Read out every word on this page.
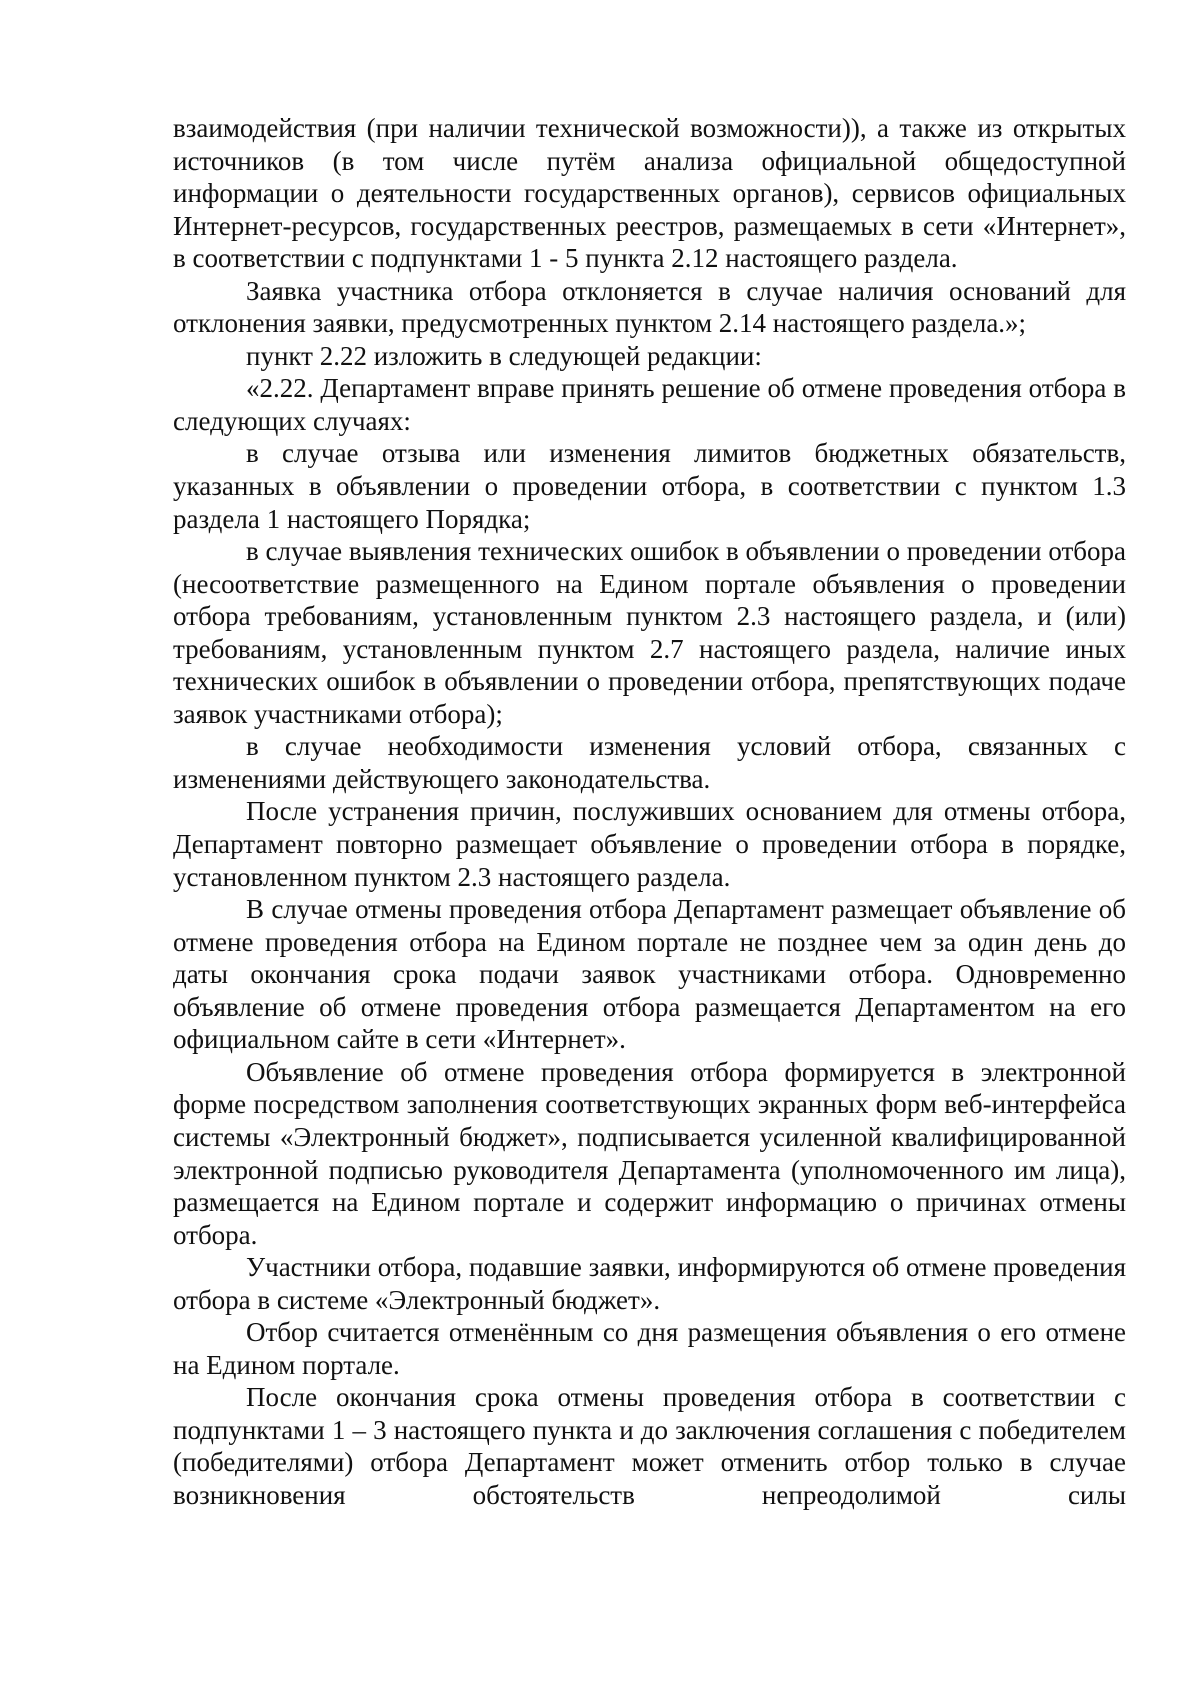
взаимодействия (при наличии технической возможности)), а также из открытых источников (в том числе путём анализа официальной общедоступной информации о деятельности государственных органов), сервисов официальных Интернет-ресурсов, государственных реестров, размещаемых в сети «Интернет», в соответствии с подпунктами 1 - 5 пункта 2.12 настоящего раздела.

Заявка участника отбора отклоняется в случае наличия оснований для отклонения заявки, предусмотренных пунктом 2.14 настоящего раздела.»;

пункт 2.22 изложить в следующей редакции:

«2.22. Департамент вправе принять решение об отмене проведения отбора в следующих случаях:

в случае отзыва или изменения лимитов бюджетных обязательств, указанных в объявлении о проведении отбора, в соответствии с пунктом 1.3 раздела 1 настоящего Порядка;

в случае выявления технических ошибок в объявлении о проведении отбора (несоответствие размещенного на Едином портале объявления о проведении отбора требованиям, установленным пунктом 2.3 настоящего раздела, и (или) требованиям, установленным пунктом 2.7 настоящего раздела, наличие иных технических ошибок в объявлении о проведении отбора, препятствующих подаче заявок участниками отбора);

в случае необходимости изменения условий отбора, связанных с изменениями действующего законодательства.

После устранения причин, послуживших основанием для отмены отбора, Департамент повторно размещает объявление о проведении отбора в порядке, установленном пунктом 2.3 настоящего раздела.

В случае отмены проведения отбора Департамент размещает объявление об отмене проведения отбора на Едином портале не позднее чем за один день до даты окончания срока подачи заявок участниками отбора. Одновременно объявление об отмене проведения отбора размещается Департаментом на его официальном сайте в сети «Интернет».

Объявление об отмене проведения отбора формируется в электронной форме посредством заполнения соответствующих экранных форм веб-интерфейса системы «Электронный бюджет», подписывается усиленной квалифицированной электронной подписью руководителя Департамента (уполномоченного им лица), размещается на Едином портале и содержит информацию о причинах отмены отбора.

Участники отбора, подавшие заявки, информируются об отмене проведения отбора в системе «Электронный бюджет».

Отбор считается отменённым со дня размещения объявления о его отмене на Едином портале.

После окончания срока отмены проведения отбора в соответствии с подпунктами 1 – 3 настоящего пункта и до заключения соглашения с победителем (победителями) отбора Департамент может отменить отбор только в случае возникновения обстоятельств непреодолимой силы
